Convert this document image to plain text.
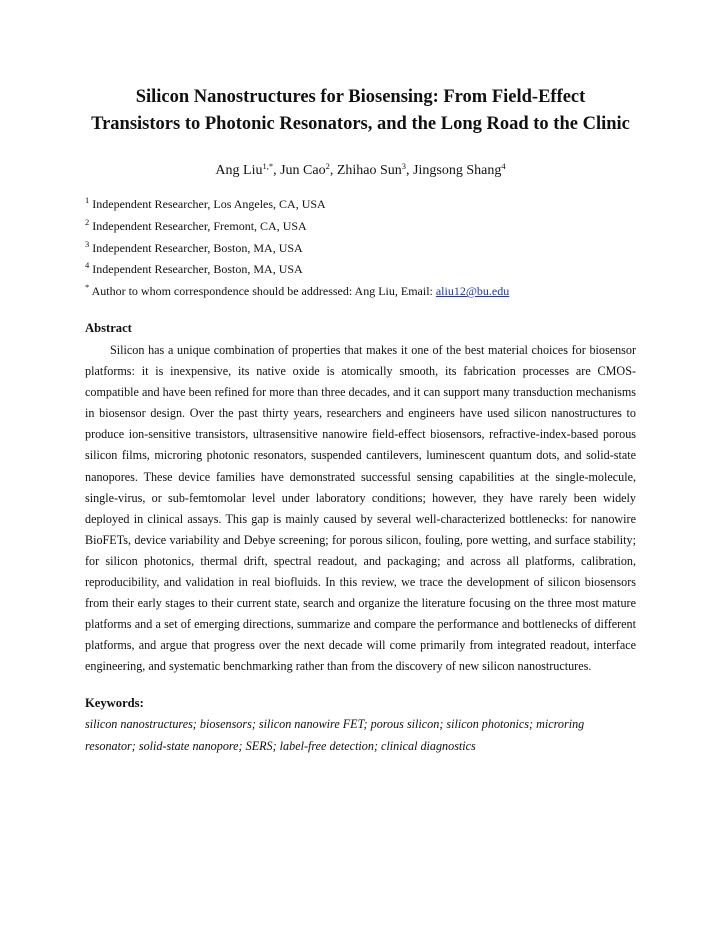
Silicon Nanostructures for Biosensing: From Field-Effect
Transistors to Photonic Resonators, and the Long Road to the Clinic
Ang Liu$^{1,*}$, Jun Cao$^2$, Zhihao Sun$^3$, Jingsong Shang$^4$
$^1$ Independent Researcher, Los Angeles, CA, USA
$^2$ Independent Researcher, Fremont, CA, USA
$^3$ Independent Researcher, Boston, MA, USA
$^4$ Independent Researcher, Boston, MA, USA
* Author to whom correspondence should be addressed: Ang Liu, Email: aliu12@bu.edu
Abstract

Silicon has a unique combination of properties that makes it one of the best material choices for biosensor platforms: it is inexpensive, its native oxide is atomically smooth, its fabrication processes are CMOS-compatible and have been refined for more than three decades, and it can support many transduction mechanisms in biosensor design. Over the past thirty years, researchers and engineers have used silicon nanostructures to produce ion-sensitive transistors, ultrasensitive nanowire field-effect biosensors, refractive-index-based porous silicon films, microring photonic resonators, suspended cantilevers, luminescent quantum dots, and solid-state nanopores. These device families have demonstrated successful sensing capabilities at the single-molecule, single-virus, or sub-femtomolar level under laboratory conditions; however, they have rarely been widely deployed in clinical assays. This gap is mainly caused by several well-characterized bottlenecks: for nanowire BioFETs, device variability and Debye screening; for porous silicon, fouling, pore wetting, and surface stability; for silicon photonics, thermal drift, spectral readout, and packaging; and across all platforms, calibration, reproducibility, and validation in real biofluids. In this review, we trace the development of silicon biosensors from their early stages to their current state, search and organize the literature focusing on the three most mature platforms and a set of emerging directions, summarize and compare the performance and bottlenecks of different platforms, and argue that progress over the next decade will come primarily from integrated readout, interface engineering, and systematic benchmarking rather than from the discovery of new silicon nanostructures.

Keywords:
silicon nanostructures; biosensors; silicon nanowire FET; porous silicon; silicon photonics; microring resonator; solid-state nanopore; SERS; label-free detection; clinical diagnostics
